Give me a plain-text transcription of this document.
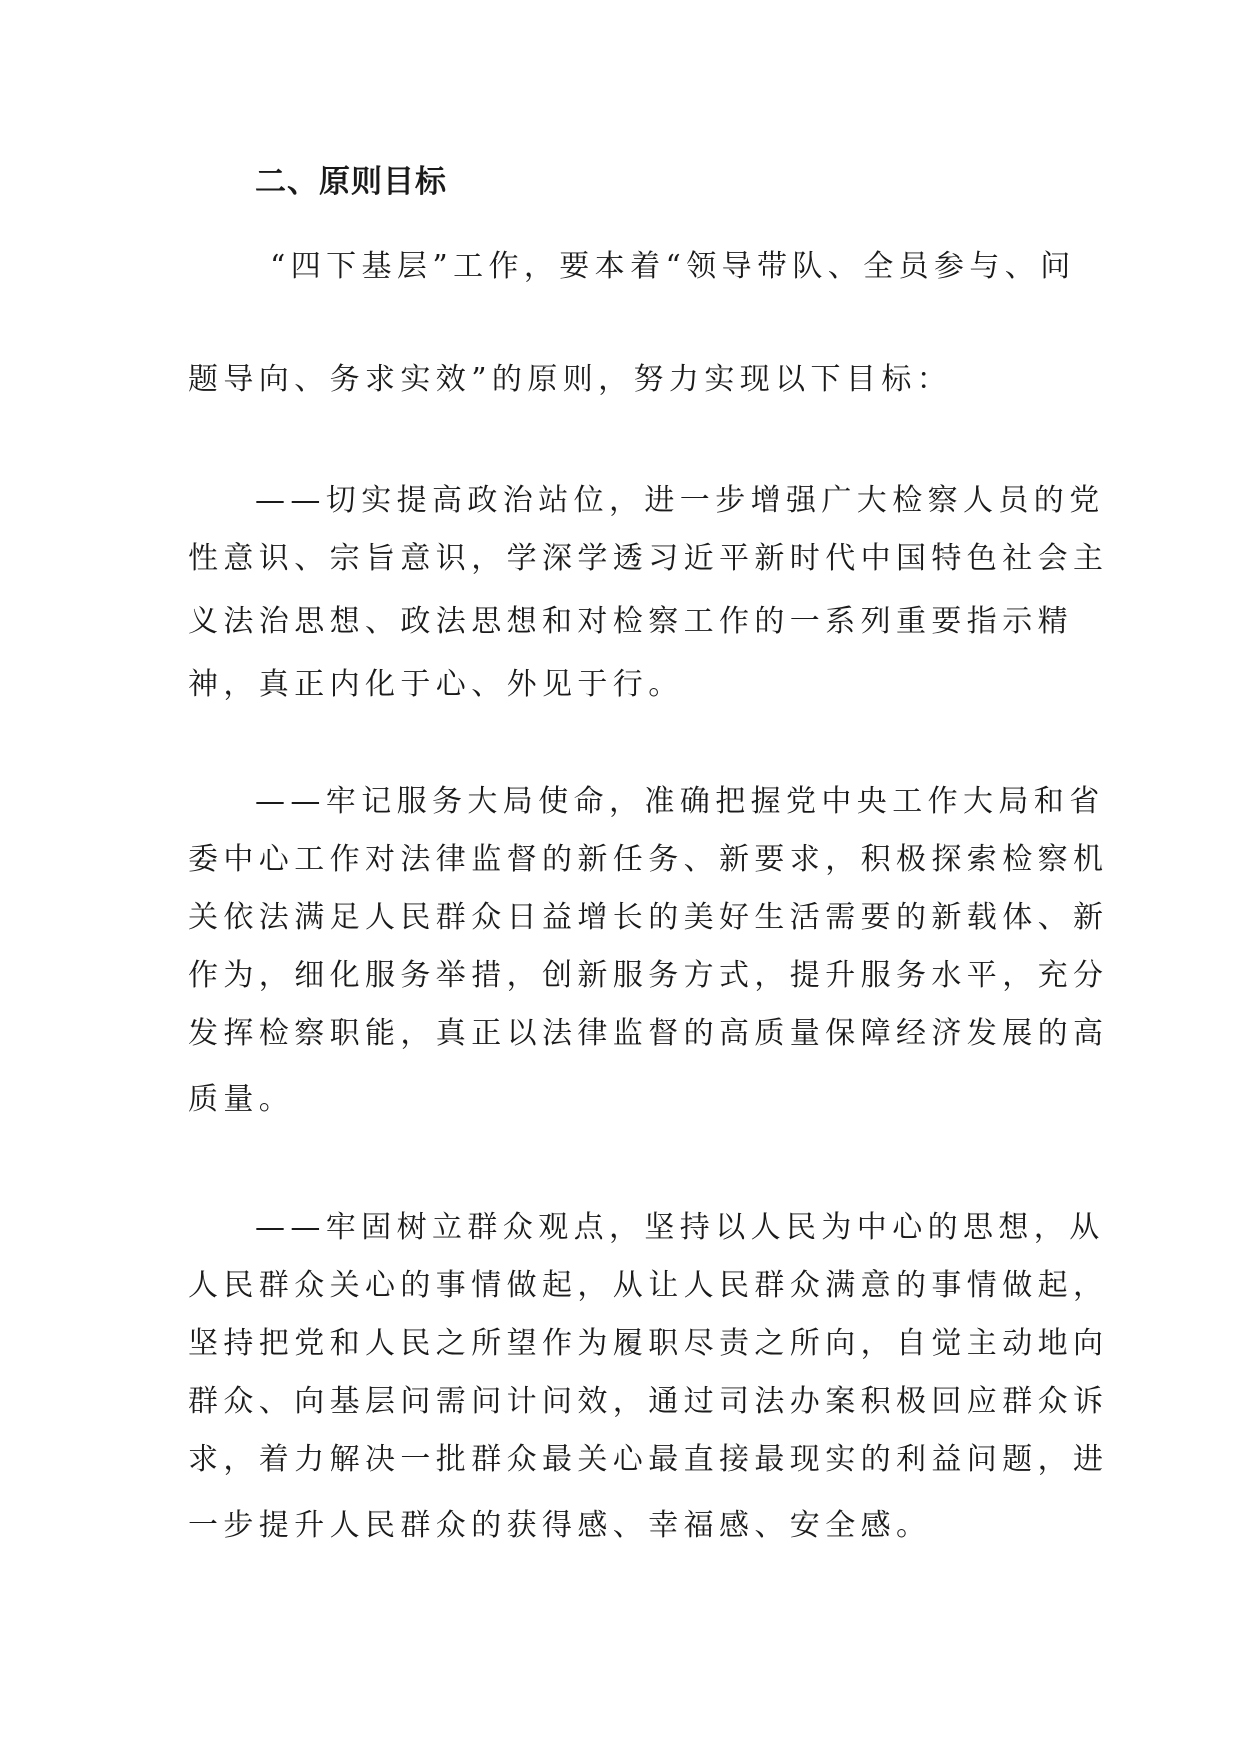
二、原则目标

“四下基层”工作，要本着“领导带队、全员参与、问

题导向、务求实效”的原则，努力实现以下目标：

——切实提高政治站位，进一步增强广大检察人员的党

性意识、宗旨意识，学深学透习近平新时代中国特色社会主

义法治思想、政法思想和对检察工作的一系列重要指示精

神，真正内化于心、外见于行。

——牢记服务大局使命，准确把握党中央工作大局和省

委中心工作对法律监督的新任务、新要求，积极探索检察机

关依法满足人民群众日益增长的美好生活需要的新载体、新

作为，细化服务举措，创新服务方式，提升服务水平，充分

发挥检察职能，真正以法律监督的高质量保障经济发展的高

质量。

——牢固树立群众观点，坚持以人民为中心的思想，从

人民群众关心的事情做起，从让人民群众满意的事情做起，

坚持把党和人民之所望作为履职尽责之所向，自觉主动地向

群众、向基层问需问计问效，通过司法办案积极回应群众诉

求，着力解决一批群众最关心最直接最现实的利益问题，进

一步提升人民群众的获得感、幸福感、安全感。
